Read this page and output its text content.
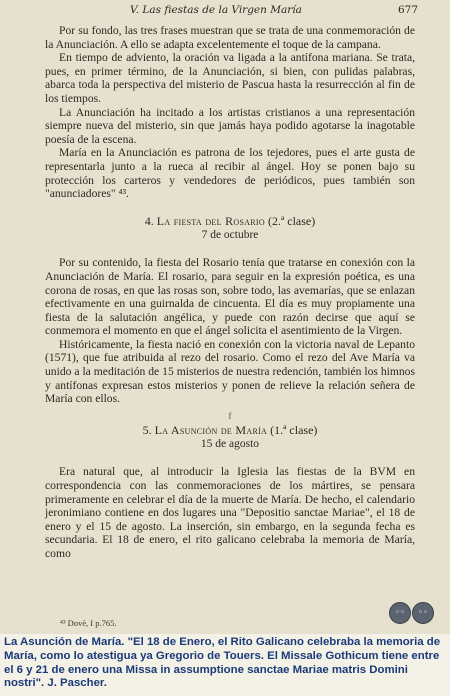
V. Las fiestas de la Virgen María	677

Por su fondo, las tres frases muestran que se trata de una conmemoración de la Anunciación. A ello se adapta excelentemente el toque de la campana.

En tiempo de adviento, la oración va ligada a la antífona mariana. Se trata, pues, en primer término, de la Anunciación, si bien, con pulidas palabras, abarca toda la perspectiva del misterio de Pascua hasta la resurrección al fin de los tiempos.

La Anunciación ha incitado a los artistas cristianos a una representación siempre nueva del misterio, sin que jamás haya podido agotarse la inagotable poesía de la escena.

María en la Anunciación es patrona de los tejedores, pues el arte gusta de representarla junto a la rueca al recibir al ángel. Hoy se ponen bajo su protección los carteros y vendedores de periódicos, pues también son "anunciadores" ⁴³.

4. La fiesta del Rosario (2.ª clase)
7 de octubre

Por su contenido, la fiesta del Rosario tenía que tratarse en conexión con la Anunciación de María. El rosario, para seguir en la expresión poética, es una corona de rosas, en que las rosas son, sobre todo, las avemarías, que se enlazan efectivamente en una guirnalda de cincuenta. El día es muy propiamente una fiesta de la salutación angélica, y puede con razón decirse que aquí se conmemora el momento en que el ángel solicita el asentimiento de la Virgen.

Históricamente, la fiesta nació en conexión con la victoria naval de Lepanto (1571), que fue atribuida al rezo del rosario. Como el rezo del Ave María va unido a la meditación de 15 misterios de nuestra redención, también los himnos y antífonas expresan estos misterios y ponen de relieve la relación señera de María con ellos.

f
5. La Asunción de María (1.ª clase)
15 de agosto

Era natural que, al introducir la Iglesia las fiestas de la BVM en correspondencia con las conmemoraciones de los mártires, se pensara primeramente en celebrar el día de la muerte de María. De hecho, el calendario jeronimiano contiene en dos lugares una "Depositio sanctae Mariae", el 18 de enero y el 15 de agosto. La inserción, sin embargo, en la segunda fecha es secundaria. El 18 de enero, el rito galicano celebraba la memoria de María, como

⁴³ Dovè, I p.765.
◦◦	◦◦
La Asunción de María. "El 18 de Enero, el Rito Galicano celebraba la memoria de María, como lo atestigua ya Gregorio de Touers. El Missale Gothicum tiene entre el 6 y 21 de enero una Missa in assumptione sanctae Mariae matris Domini nostri". J. Pascher.
